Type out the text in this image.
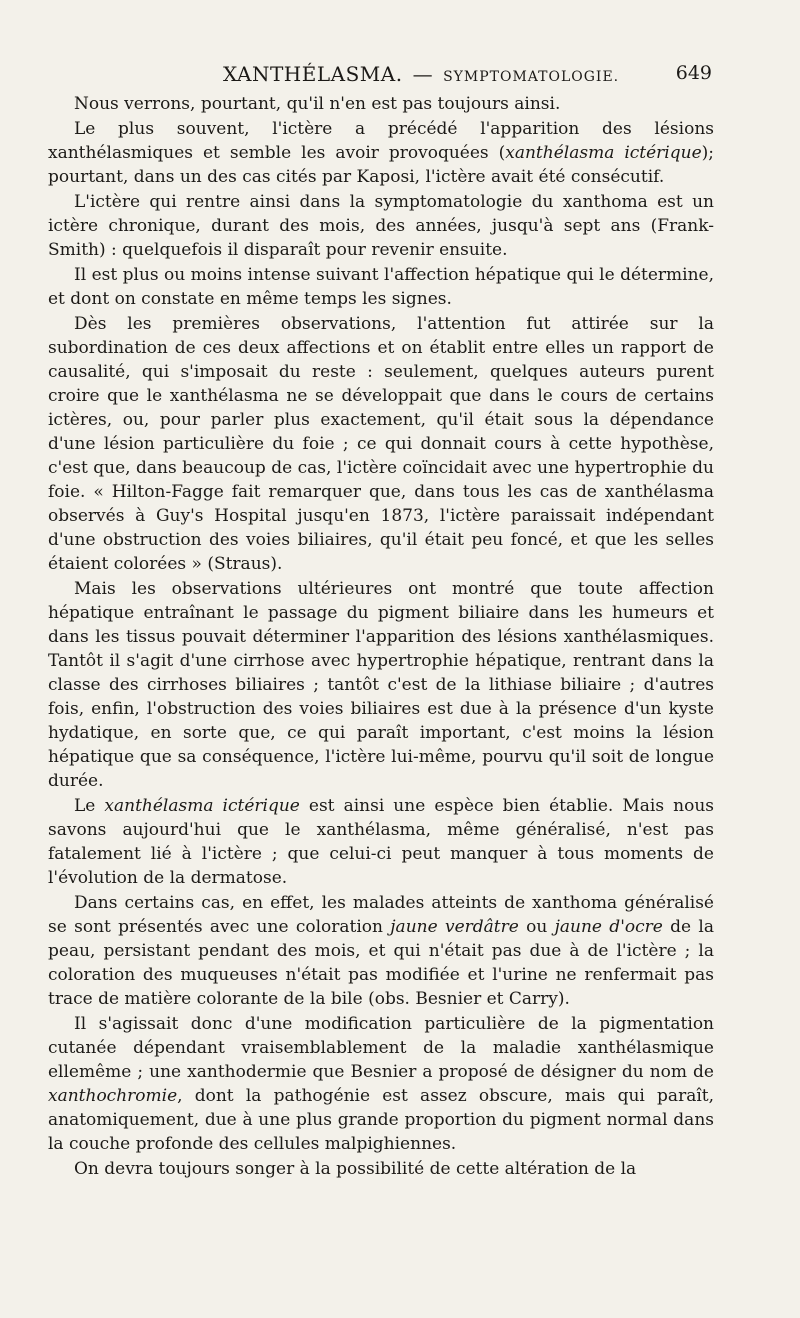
XANTHÉLASMA. — SYMPTOMATOLOGIE.	649

Nous verrons, pourtant, qu'il n'en est pas toujours ainsi.

Le plus souvent, l'ictère a précédé l'apparition des lésions xanthélasmiques et semble les avoir provoquées (xanthélasma ictérique); pourtant, dans un des cas cités par Kaposi, l'ictère avait été consécutif.

L'ictère qui rentre ainsi dans la symptomatologie du xanthoma est un ictère chronique, durant des mois, des années, jusqu'à sept ans (Frank-Smith) : quelquefois il disparaît pour revenir ensuite.

Il est plus ou moins intense suivant l'affection hépatique qui le détermine, et dont on constate en même temps les signes.

Dès les premières observations, l'attention fut attirée sur la subordination de ces deux affections et on établit entre elles un rapport de causalité, qui s'imposait du reste : seulement, quelques auteurs purent croire que le xanthélasma ne se développait que dans le cours de certains ictères, ou, pour parler plus exactement, qu'il était sous la dépendance d'une lésion particulière du foie ; ce qui donnait cours à cette hypothèse, c'est que, dans beaucoup de cas, l'ictère coïncidait avec une hypertrophie du foie. « Hilton-Fagge fait remarquer que, dans tous les cas de xanthélasma observés à Guy's Hospital jusqu'en 1873, l'ictère paraissait indépendant d'une obstruction des voies biliaires, qu'il était peu foncé, et que les selles étaient colorées » (Straus).

Mais les observations ultérieures ont montré que toute affection hépatique entraînant le passage du pigment biliaire dans les humeurs et dans les tissus pouvait déterminer l'apparition des lésions xanthélasmiques. Tantôt il s'agit d'une cirrhose avec hypertrophie hépatique, rentrant dans la classe des cirrhoses biliaires ; tantôt c'est de la lithiase biliaire ; d'autres fois, enfin, l'obstruction des voies biliaires est due à la présence d'un kyste hydatique, en sorte que, ce qui paraît important, c'est moins la lésion hépatique que sa conséquence, l'ictère lui-même, pourvu qu'il soit de longue durée.

Le xanthélasma ictérique est ainsi une espèce bien établie. Mais nous savons aujourd'hui que le xanthélasma, même généralisé, n'est pas fatalement lié à l'ictère ; que celui-ci peut manquer à tous moments de l'évolution de la dermatose.

Dans certains cas, en effet, les malades atteints de xanthoma généralisé se sont présentés avec une coloration jaune verdâtre ou jaune d'ocre de la peau, persistant pendant des mois, et qui n'était pas due à de l'ictère ; la coloration des muqueuses n'était pas modifiée et l'urine ne renfermait pas trace de matière colorante de la bile (obs. Besnier et Carry).

Il s'agissait donc d'une modification particulière de la pigmentation cutanée dépendant vraisemblablement de la maladie xanthélasmique ellemême ; une xanthodermie que Besnier a proposé de désigner du nom de xanthochromie, dont la pathogénie est assez obscure, mais qui paraît, anatomiquement, due à une plus grande proportion du pigment normal dans la couche profonde des cellules malpighiennes.

On devra toujours songer à la possibilité de cette altération de la
